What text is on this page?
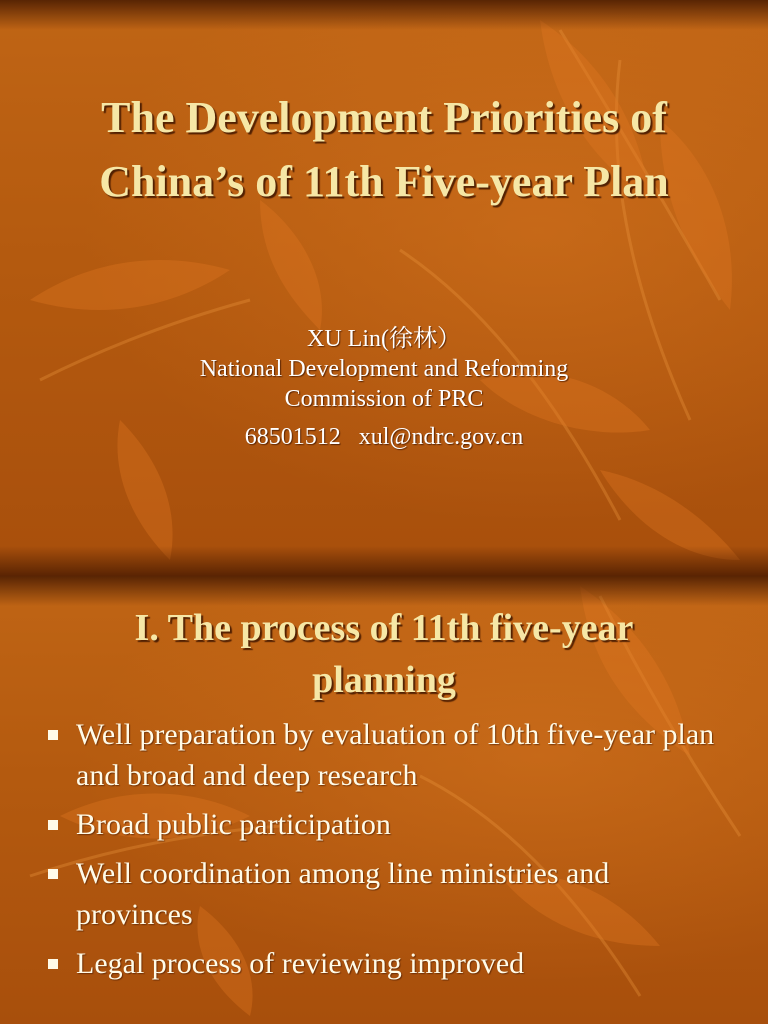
The Development Priorities of
China’s of 11th Five-year Plan
XU Lin(徐林）
National Development and Reforming
Commission of PRC
68501512   xul@ndrc.gov.cn
I. The process of 11th five-year
planning
Well preparation by evaluation of 10th five-year plan and broad and deep research
Broad public participation
Well coordination among line ministries and provinces
Legal process of reviewing improved
